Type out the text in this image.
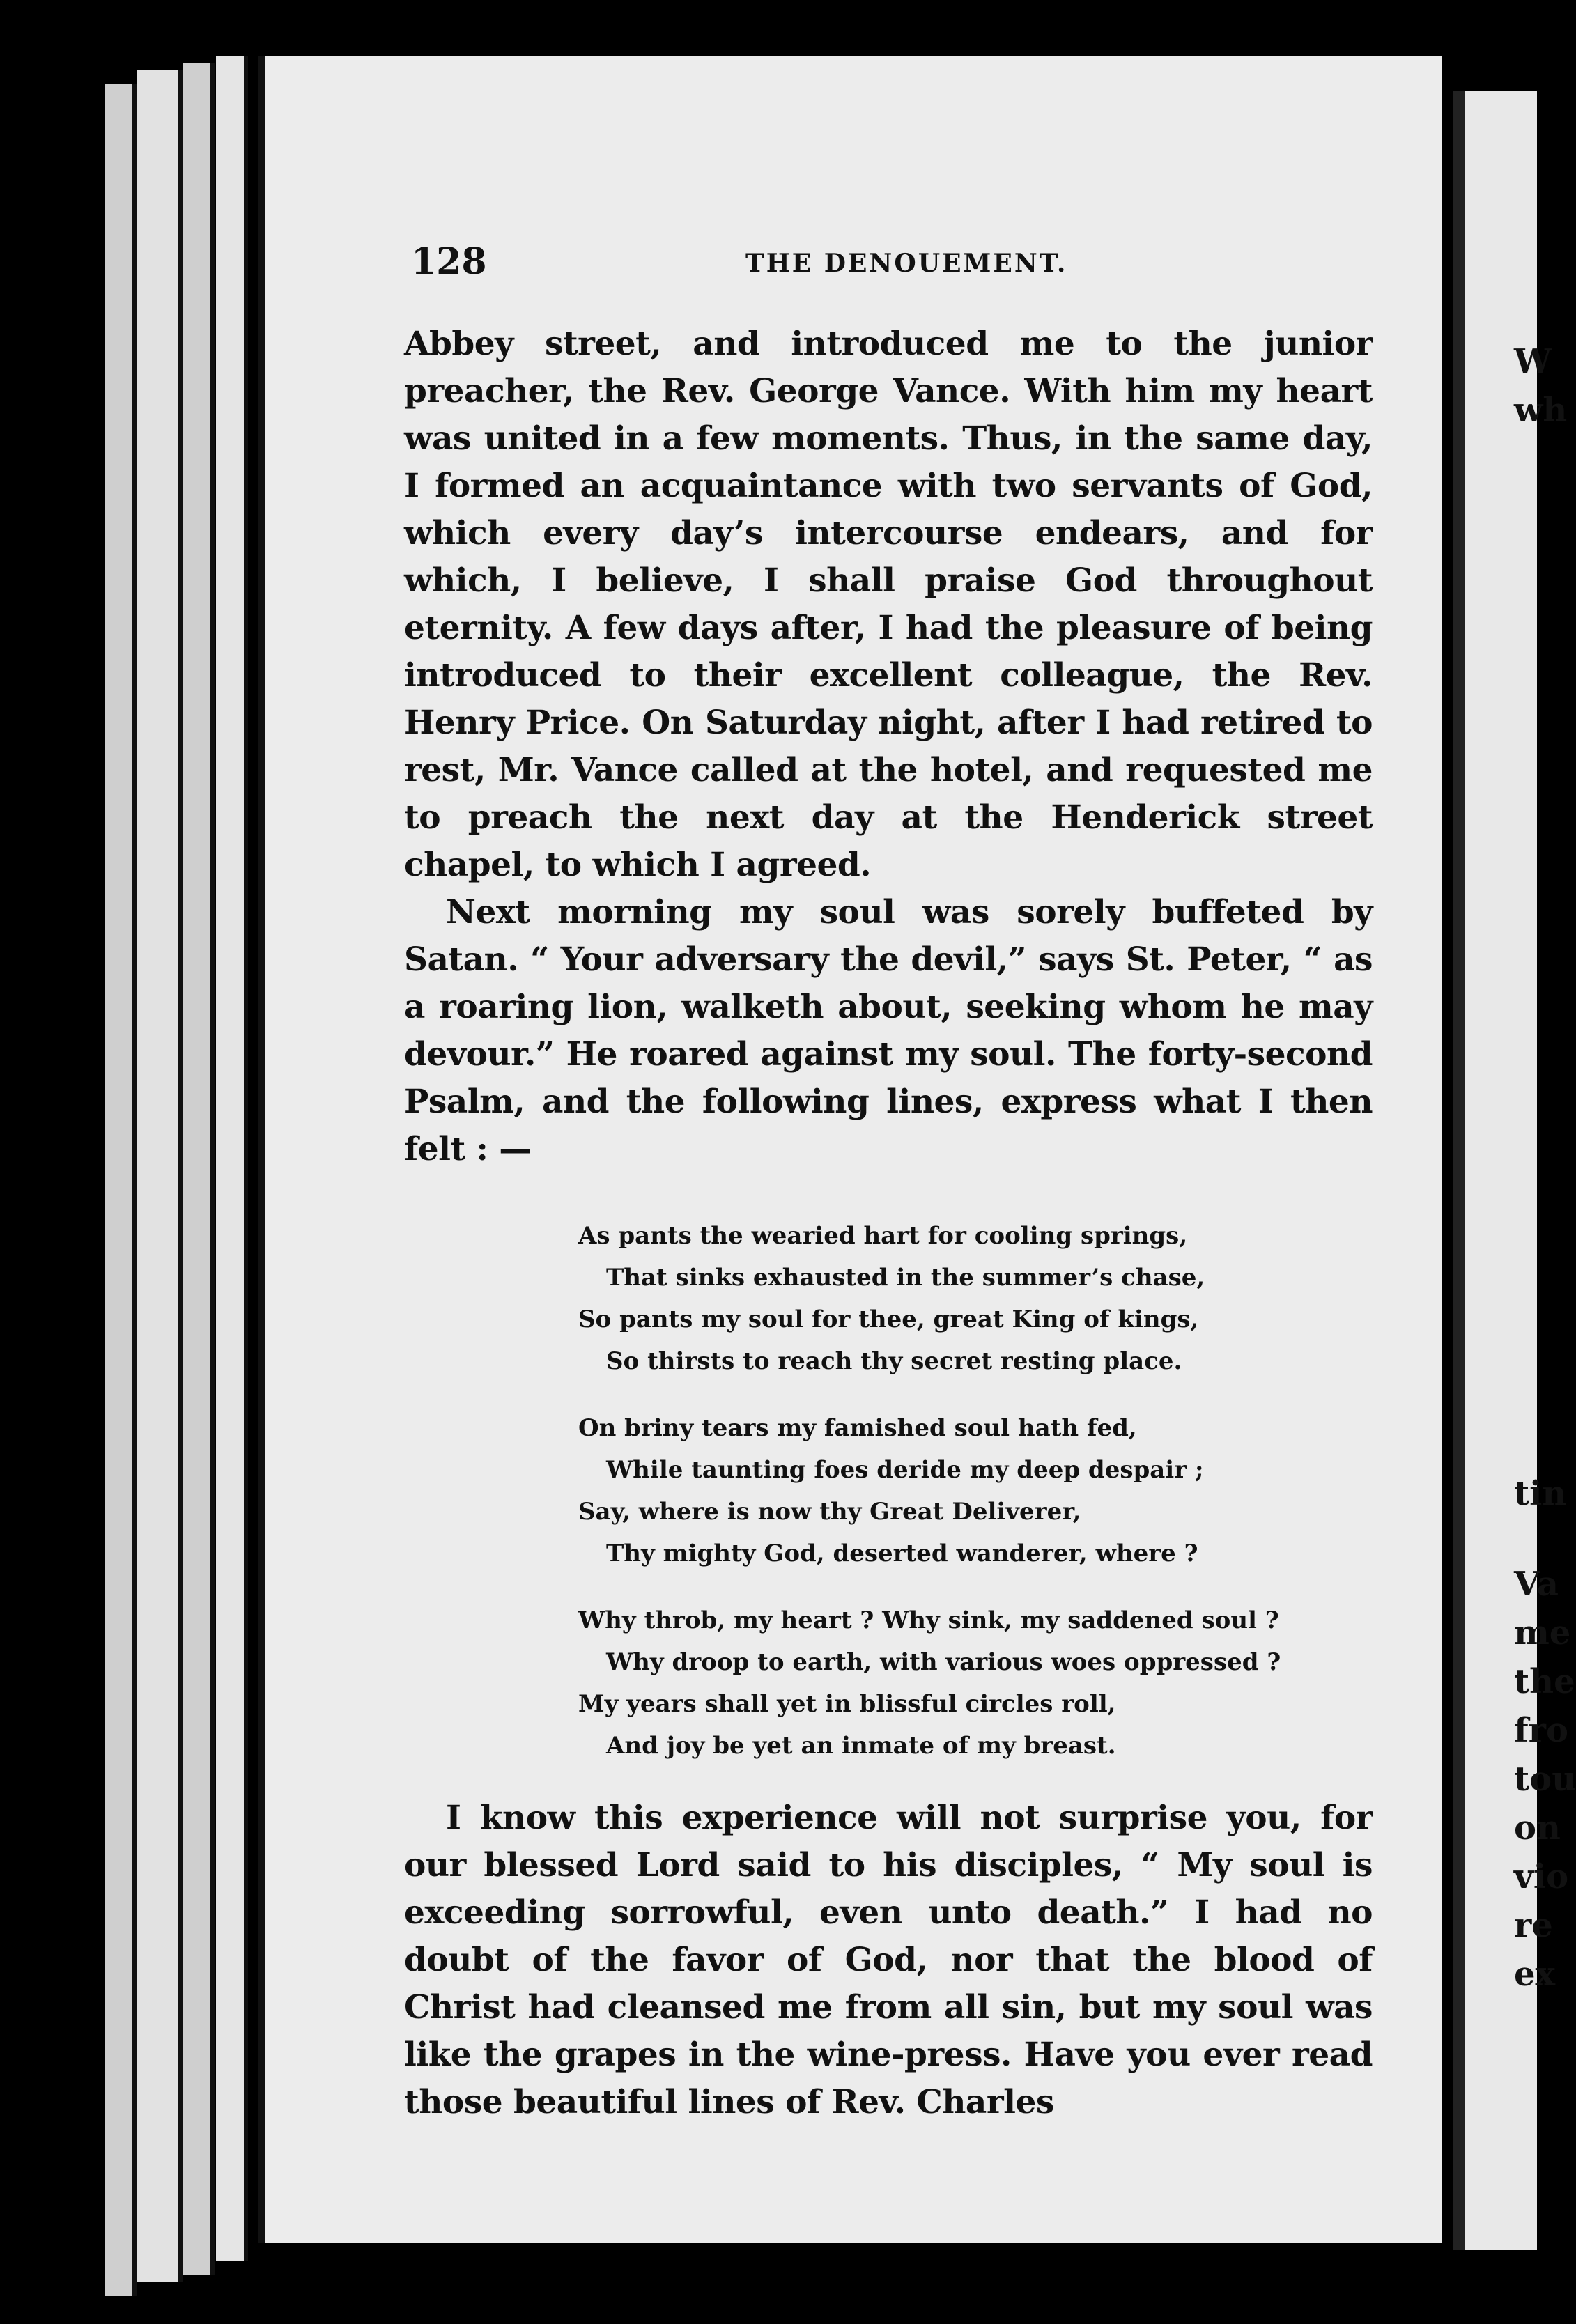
W
wh
tin
Va
me
the
fro
tou
on
vio
re
ex
128	THE DENOUEMENT.

Abbey street, and introduced me to the junior preacher, the Rev. George Vance. With him my heart was united in a few moments. Thus, in the same day, I formed an acquaintance with two servants of God, which every day’s intercourse endears, and for which, I believe, I shall praise God throughout eternity. A few days after, I had the pleasure of being introduced to their excellent colleague, the Rev. Henry Price. On Saturday night, after I had retired to rest, Mr. Vance called at the hotel, and requested me to preach the next day at the Henderick street chapel, to which I agreed.

Next morning my soul was sorely buffeted by Satan. “ Your adversary the devil,” says St. Peter, “ as a roaring lion, walketh about, seeking whom he may devour.” He roared against my soul. The forty-second Psalm, and the following lines, express what I then felt : —

As pants the wearied hart for cooling springs,
That sinks exhausted in the summer’s chase,
So pants my soul for thee, great King of kings,
So thirsts to reach thy secret resting place.
On briny tears my famished soul hath fed,
While taunting foes deride my deep despair ;
Say, where is now thy Great Deliverer,
Thy mighty God, deserted wanderer, where ?
Why throb, my heart ? Why sink, my saddened soul ?
Why droop to earth, with various woes oppressed ?
My years shall yet in blissful circles roll,
And joy be yet an inmate of my breast.

I know this experience will not surprise you, for our blessed Lord said to his disciples, “ My soul is exceeding sorrowful, even unto death.” I had no doubt of the favor of God, nor that the blood of Christ had cleansed me from all sin, but my soul was like the grapes in the wine-press. Have you ever read those beautiful lines of Rev. Charles
